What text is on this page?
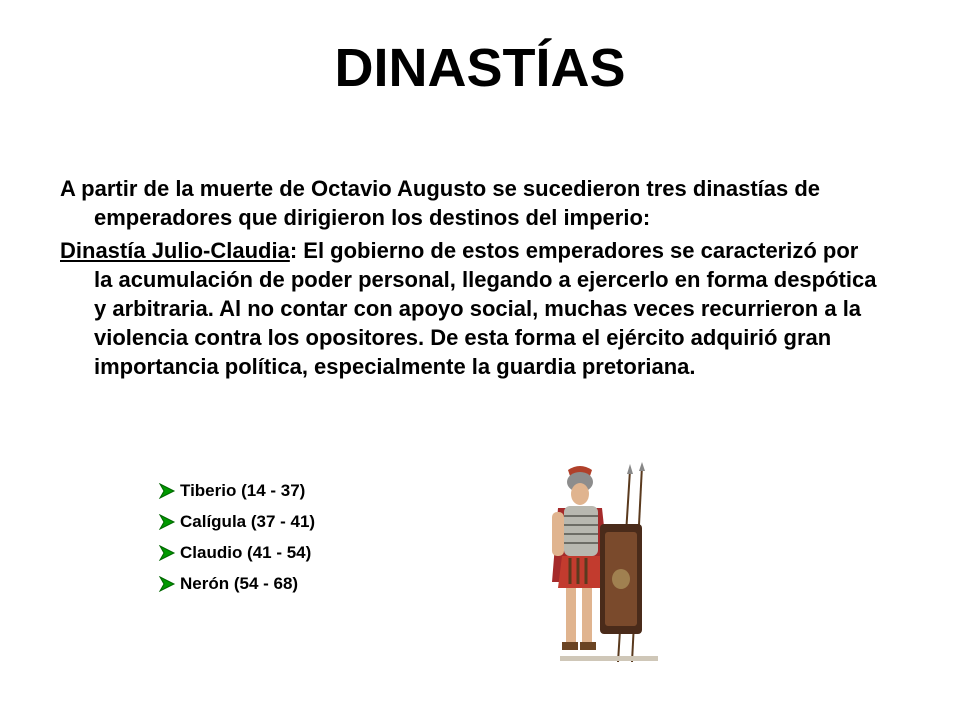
DINASTÍAS

A partir de la muerte de Octavio Augusto se sucedieron tres dinastías de emperadores que dirigieron los destinos del imperio:

Dinastía Julio-Claudia: El gobierno de estos emperadores se caracterizó por la acumulación de poder personal, llegando a ejercerlo en forma despótica y arbitraria. Al no contar con apoyo social, muchas veces recurrieron a la violencia contra los opositores. De esta forma el ejército adquirió gran importancia política, especialmente la guardia pretoriana.

Tiberio (14 - 37)
Calígula (37 - 41)
Claudio (41 - 54)
Nerón (54 - 68)
